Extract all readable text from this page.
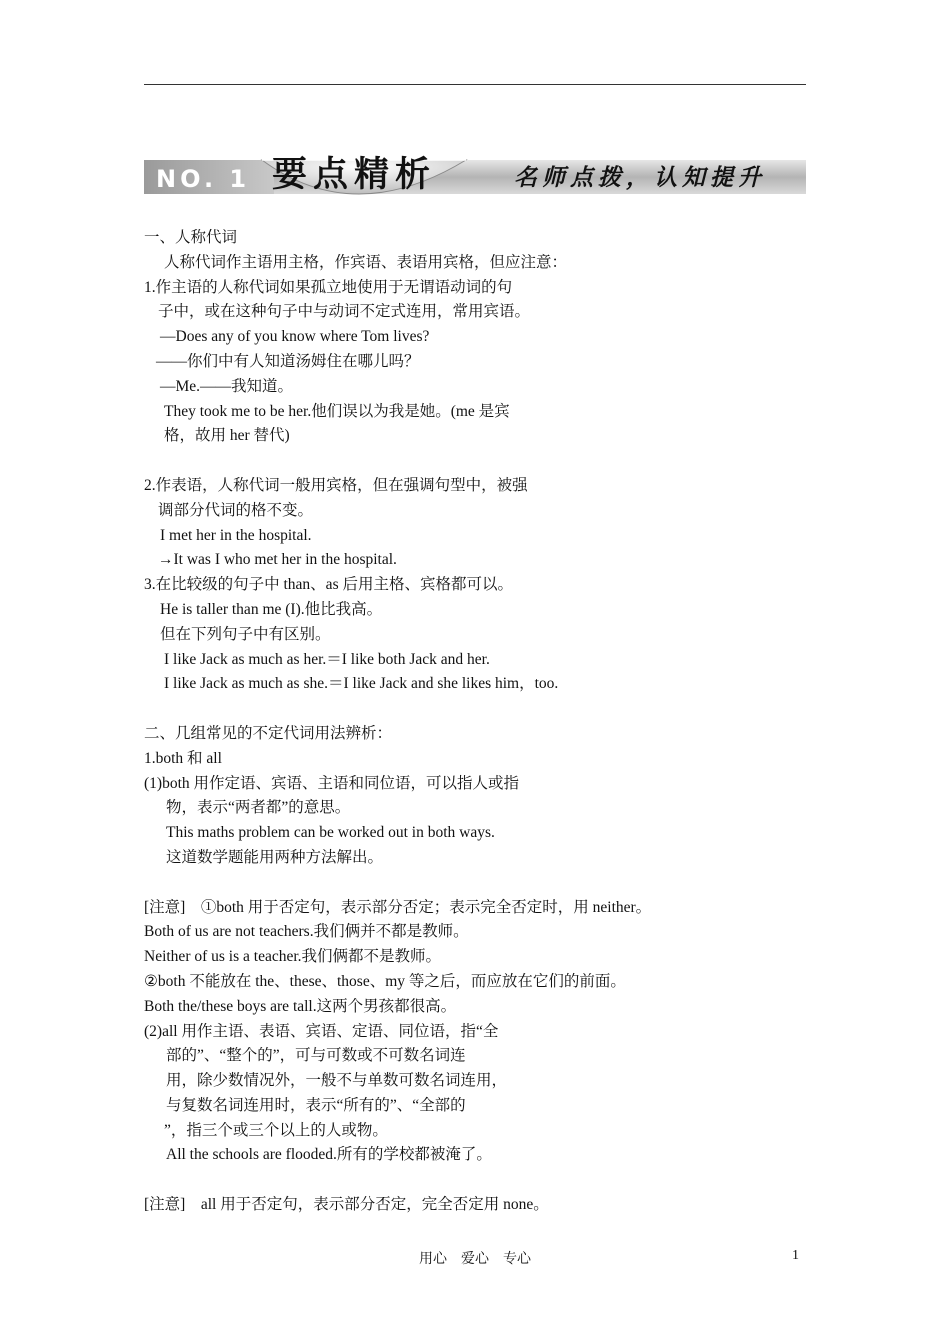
NO. 1 要点精析	名师点拨，认知提升
一、人称代词
人称代词作主语用主格，作宾语、表语用宾格，但应注意：
1.作主语的人称代词如果孤立地使用于无谓语动词的句
子中，或在这种句子中与动词不定式连用，常用宾语。
—Does any of you know where Tom lives?
——你们中有人知道汤姆住在哪儿吗？
—Me.——我知道。
They took me to be her.他们误以为我是她。(me 是宾
格，故用 her 替代)
2.作表语，人称代词一般用宾格，但在强调句型中，被强
调部分代词的格不变。
I met her in the hospital.
→It was I who met her in the hospital.
3.在比较级的句子中 than、as 后用主格、宾格都可以。
He is taller than me (I).他比我高。
但在下列句子中有区别。
I like Jack as much as her.＝I like both Jack and her.
I like Jack as much as she.＝I like Jack and she likes him，too.
二、几组常见的不定代词用法辨析：
1.both 和 all
(1)both 用作定语、宾语、主语和同位语，可以指人或指
物，表示“两者都”的意思。
This maths problem can be worked out in both ways.
这道数学题能用两种方法解出。
[注意]　①both 用于否定句，表示部分否定；表示完全否定时，用 neither。
Both of us are not teachers.我们俩并不都是教师。
Neither of us is a teacher.我们俩都不是教师。
②both 不能放在 the、these、those、my 等之后，而应放在它们的前面。
Both the/these boys are tall.这两个男孩都很高。
(2)all 用作主语、表语、宾语、定语、同位语，指“全
部的”、“整个的”，可与可数或不可数名词连
用，除少数情况外，一般不与单数可数名词连用，
与复数名词连用时，表示“所有的”、“全部的
”，指三个或三个以上的人或物。
All the schools are flooded.所有的学校都被淹了。
[注意]　all 用于否定句，表示部分否定，完全否定用 none。
用心　爱心　专心	1
